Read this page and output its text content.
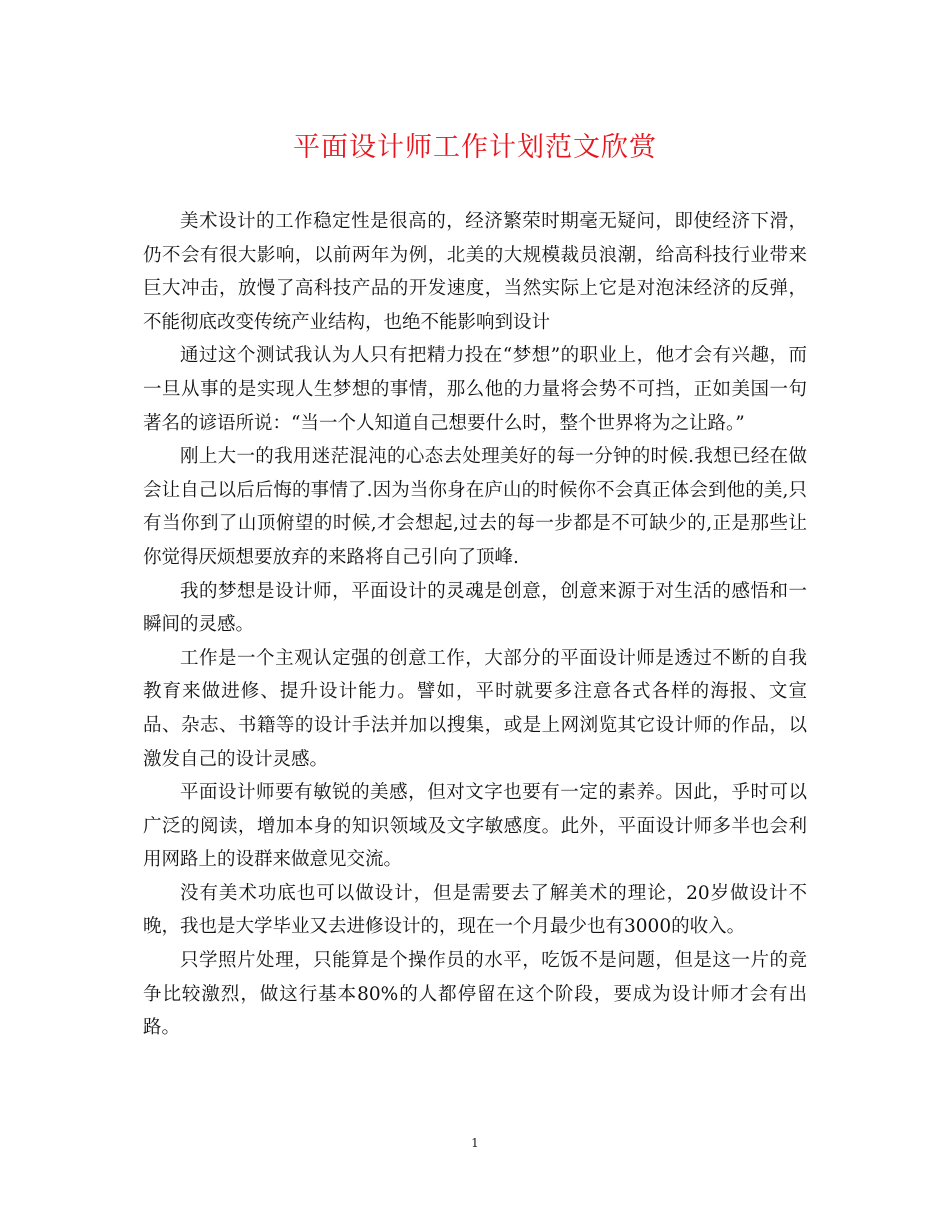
平面设计师工作计划范文欣赏

美术设计的工作稳定性是很高的，经济繁荣时期毫无疑问，即使经济下滑，仍不会有很大影响，以前两年为例，北美的大规模裁员浪潮，给高科技行业带来巨大冲击，放慢了高科技产品的开发速度，当然实际上它是对泡沫经济的反弹，不能彻底改变传统产业结构，也绝不能影响到设计

通过这个测试我认为人只有把精力投在“梦想”的职业上，他才会有兴趣，而一旦从事的是实现人生梦想的事情，那么他的力量将会势不可挡，正如美国一句著名的谚语所说：“当一个人知道自己想要什么时，整个世界将为之让路。”

刚上大一的我用迷茫混沌的心态去处理美好的每一分钟的时候.我想已经在做会让自己以后后悔的事情了.因为当你身在庐山的时候你不会真正体会到他的美,只有当你到了山顶俯望的时候,才会想起,过去的每一步都是不可缺少的,正是那些让你觉得厌烦想要放弃的来路将自己引向了顶峰.

我的梦想是设计师，平面设计的灵魂是创意，创意来源于对生活的感悟和一瞬间的灵感。

工作是一个主观认定强的创意工作，大部分的平面设计师是透过不断的自我教育来做进修、提升设计能力。譬如，平时就要多注意各式各样的海报、文宣品、杂志、书籍等的设计手法并加以搜集，或是上网浏览其它设计师的作品，以激发自己的设计灵感。

平面设计师要有敏锐的美感，但对文字也要有一定的素养。因此，乎时可以广泛的阅读，增加本身的知识领域及文字敏感度。此外，平面设计师多半也会利用网路上的设群来做意见交流。

没有美术功底也可以做设计，但是需要去了解美术的理论，20岁做设计不晚，我也是大学毕业又去进修设计的，现在一个月最少也有3000的收入。

只学照片处理，只能算是个操作员的水平，吃饭不是问题，但是这一片的竞争比较激烈，做这行基本80%的人都停留在这个阶段，要成为设计师才会有出路。

1
